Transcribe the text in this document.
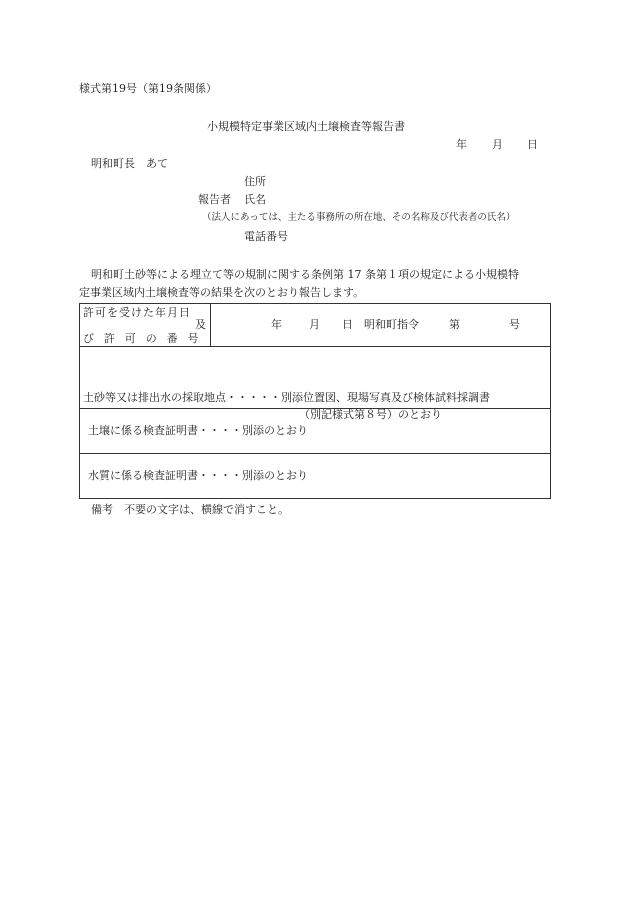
様式第19号（第19条関係）
小規模特定事業区域内土壌検査等報告書
年 月 日
明和町長　あて
住所
報告者 氏名
（法人にあっては、主たる事務所の所在地、その名称及び代表者の氏名）
電話番号
明和町土砂等による埋立て等の規制に関する条例第 17 条第１項の規定による小規模特
定事業区域内土壌検査等の結果を次のとおり報告します。
許可を受けた年月日
及
び 許 可 の 番 号

年 月 日 明和町指令	第	号

土砂等又は排出水の採取地点・・・・・別添位置図、現場写真及び検体試料採調書
（別記様式第８号）のとおり

土壌に係る検査証明書・・・・別添のとおり

水質に係る検査証明書・・・・別添のとおり
備考　不要の文字は、横線で消すこと。
